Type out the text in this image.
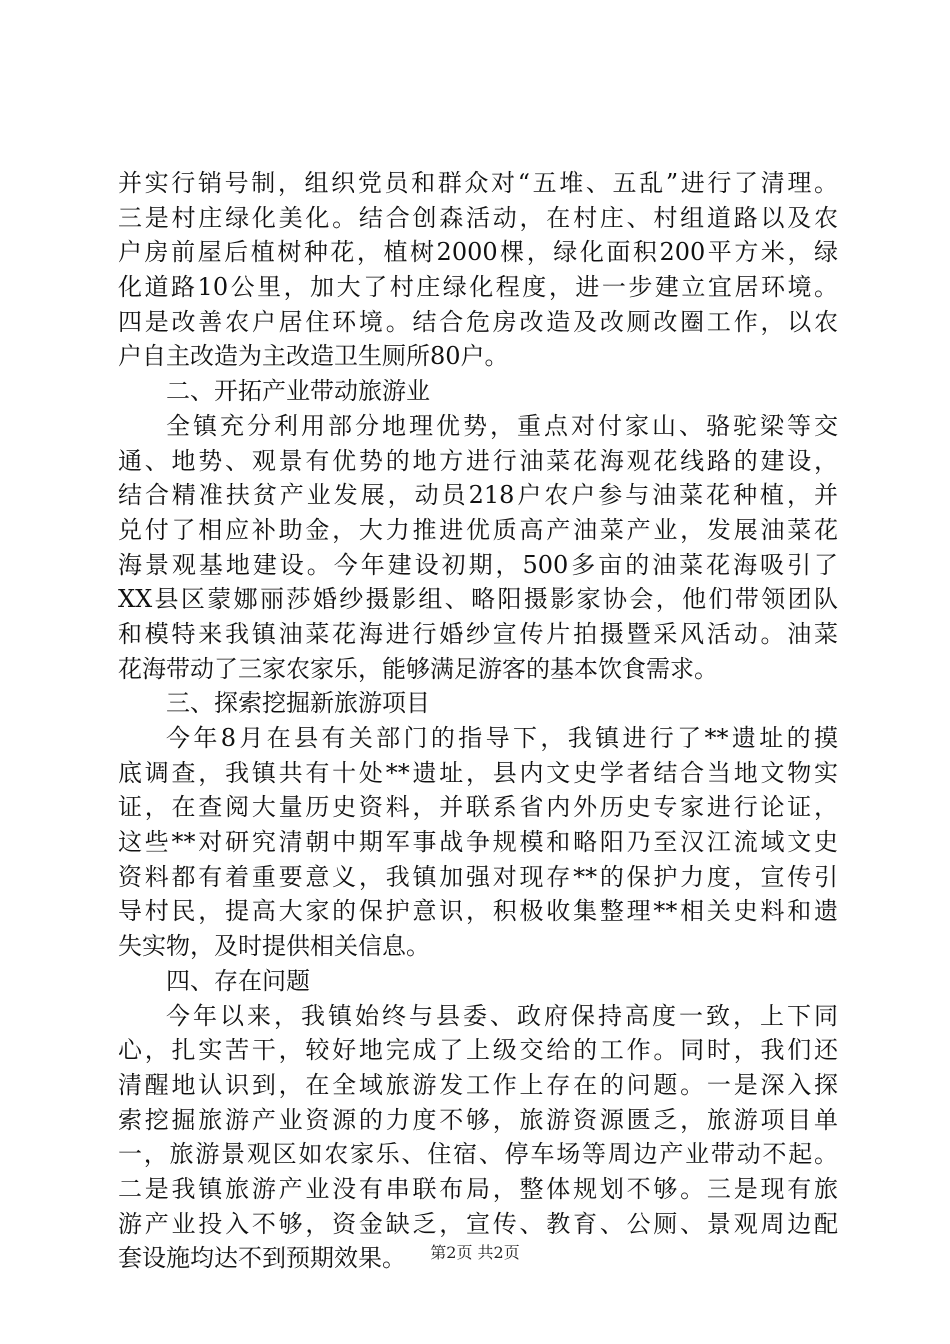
并实行销号制，组织党员和群众对“五堆、五乱”进行了清理。
三是村庄绿化美化。结合创森活动，在村庄、村组道路以及农
户房前屋后植树种花，植树2000棵，绿化面积200平方米，绿
化道路10公里，加大了村庄绿化程度，进一步建立宜居环境。
四是改善农户居住环境。结合危房改造及改厕改圈工作，以农
户自主改造为主改造卫生厕所80户。
二、开拓产业带动旅游业
全镇充分利用部分地理优势，重点对付家山、骆驼梁等交
通、地势、观景有优势的地方进行油菜花海观花线路的建设，
结合精准扶贫产业发展，动员218户农户参与油菜花种植，并
兑付了相应补助金，大力推进优质高产油菜产业，发展油菜花
海景观基地建设。今年建设初期，500多亩的油菜花海吸引了
XX县区蒙娜丽莎婚纱摄影组、略阳摄影家协会，他们带领团队
和模特来我镇油菜花海进行婚纱宣传片拍摄暨采风活动。油菜
花海带动了三家农家乐，能够满足游客的基本饮食需求。
三、探索挖掘新旅游项目
今年8月在县有关部门的指导下，我镇进行了**遗址的摸
底调查，我镇共有十处**遗址，县内文史学者结合当地文物实
证，在查阅大量历史资料，并联系省内外历史专家进行论证，
这些**对研究清朝中期军事战争规模和略阳乃至汉江流域文史
资料都有着重要意义，我镇加强对现存**的保护力度，宣传引
导村民，提高大家的保护意识，积极收集整理**相关史料和遗
失实物，及时提供相关信息。
四、存在问题
今年以来，我镇始终与县委、政府保持高度一致，上下同
心，扎实苦干，较好地完成了上级交给的工作。同时，我们还
清醒地认识到，在全域旅游发工作上存在的问题。一是深入探
索挖掘旅游产业资源的力度不够，旅游资源匮乏，旅游项目单
一，旅游景观区如农家乐、住宿、停车场等周边产业带动不起。
二是我镇旅游产业没有串联布局，整体规划不够。三是现有旅
游产业投入不够，资金缺乏，宣传、教育、公厕、景观周边配
套设施均达不到预期效果。	第2页 共2页
